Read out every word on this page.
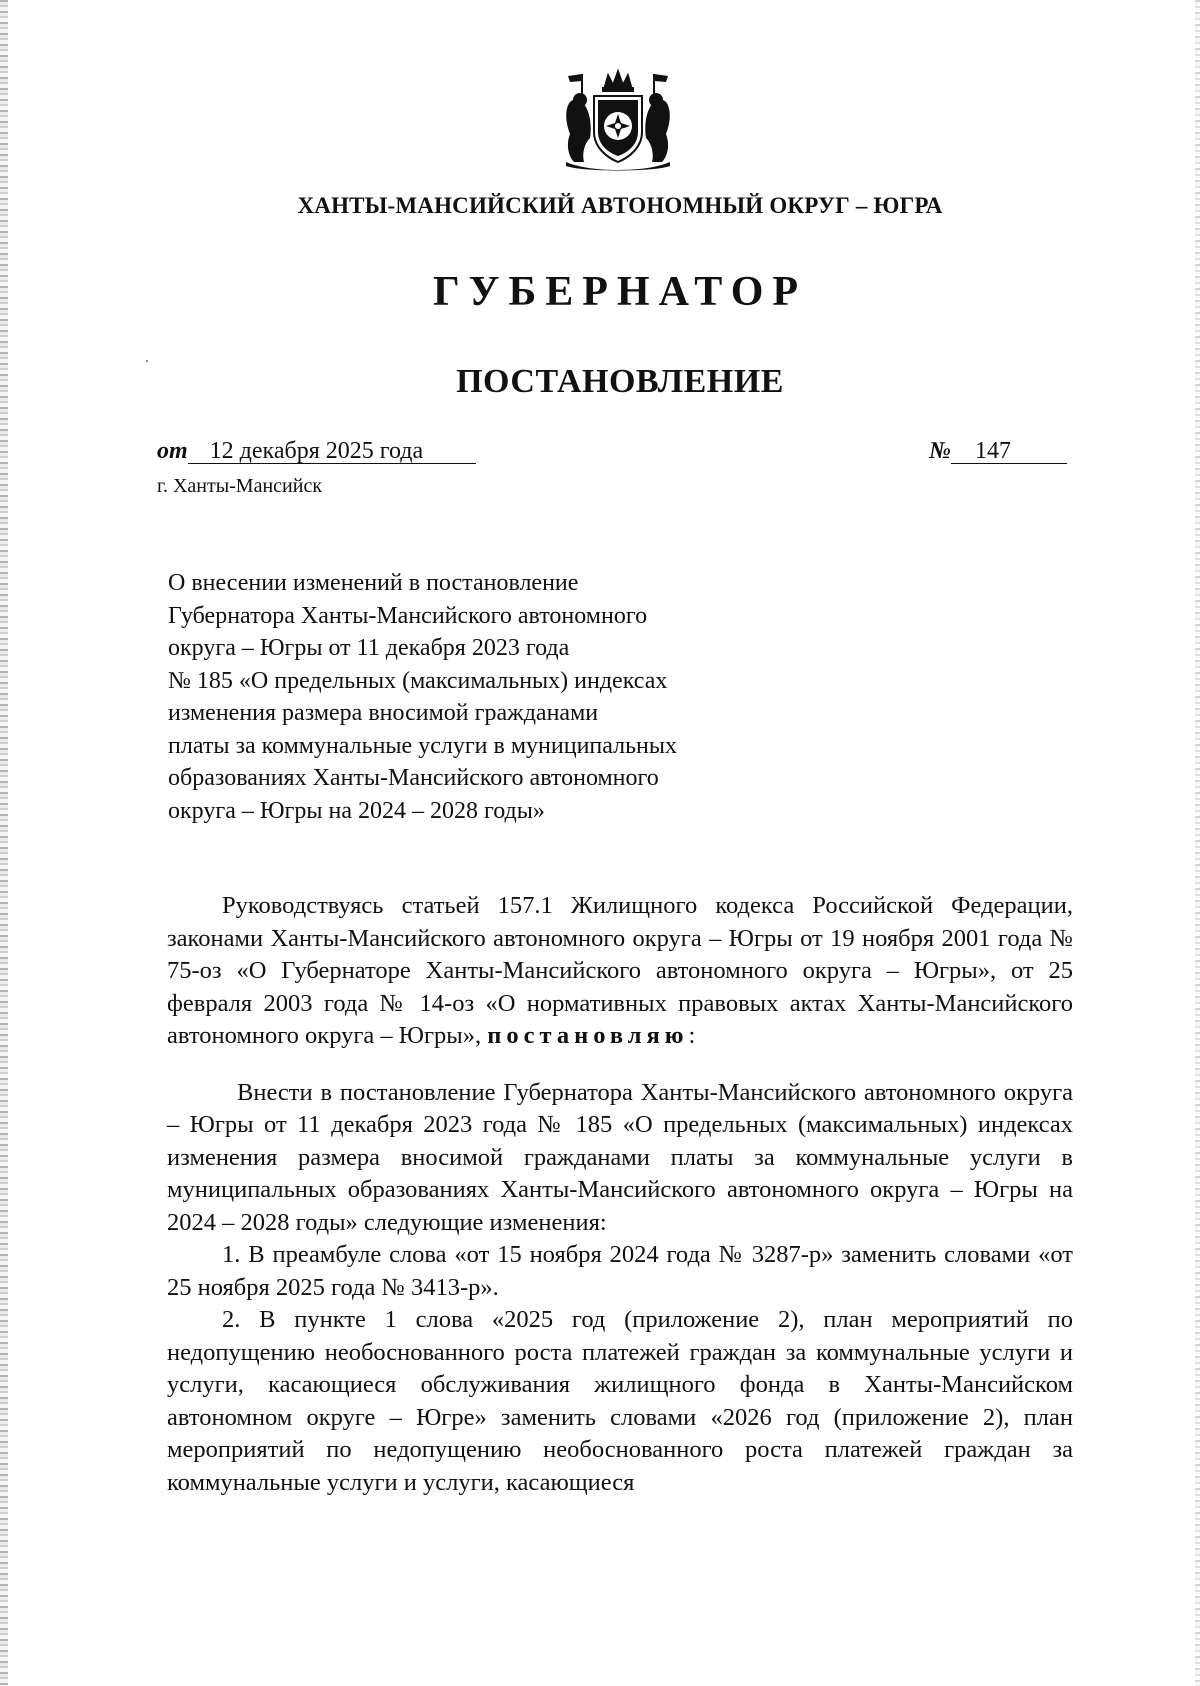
ХАНТЫ-МАНСИЙСКИЙ АВТОНОМНЫЙ ОКРУГ – ЮГРА
ГУБЕРНАТОР
ПОСТАНОВЛЕНИЕ
от 12 декабря 2025 года	№ 147
г. Ханты-Мансийск
О внесении изменений в постановление
Губернатора Ханты-Мансийского автономного
округа – Югры от 11 декабря 2023 года
№ 185 «О предельных (максимальных) индексах
изменения размера вносимой гражданами
платы за коммунальные услуги в муниципальных
образованиях Ханты-Мансийского автономного
округа – Югры на 2024 – 2028 годы»

Руководствуясь статьей 157.1 Жилищного кодекса Российской Федерации, законами Ханты-Мансийского автономного округа – Югры от 19 ноября 2001 года № 75-оз «О Губернаторе Ханты-Мансийского автономного округа – Югры», от 25 февраля 2003 года № 14-оз «О нормативных правовых актах Ханты-Мансийского автономного округа – Югры», постановляю:

Внести в постановление Губернатора Ханты-Мансийского автономного округа – Югры от 11 декабря 2023 года № 185 «О предельных (максимальных) индексах изменения размера вносимой гражданами платы за коммунальные услуги в муниципальных образованиях Ханты-Мансийского автономного округа – Югры на 2024 – 2028 годы» следующие изменения:

1. В преамбуле слова «от 15 ноября 2024 года № 3287-р» заменить словами «от 25 ноября 2025 года № 3413-р».

2. В пункте 1 слова «2025 год (приложение 2), план мероприятий по недопущению необоснованного роста платежей граждан за коммунальные услуги и услуги, касающиеся обслуживания жилищного фонда в Ханты-Мансийском автономном округе – Югре» заменить словами «2026 год (приложение 2), план мероприятий по недопущению необоснованного роста платежей граждан за коммунальные услуги и услуги, касающиеся
